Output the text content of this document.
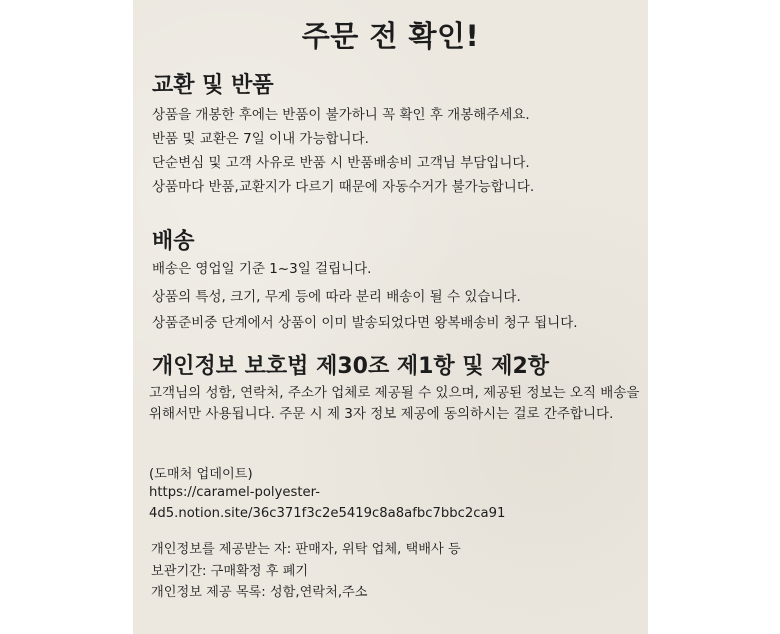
주문 전 확인!
교환 및 반품

상품을 개봉한 후에는 반품이 불가하니 꼭 확인 후 개봉해주세요.

반품 및 교환은 7일 이내 가능합니다.

단순변심 및 고객 사유로 반품 시 반품배송비 고객님 부담입니다.

상품마다 반품,교환지가 다르기 때문에 자동수거가 불가능합니다.

배송

배송은 영업일 기준 1~3일 걸립니다.

상품의 특성, 크기, 무게 등에 따라 분리 배송이 될 수 있습니다.

상품준비중 단계에서 상품이 이미 발송되었다면 왕복배송비 청구 됩니다.

개인정보 보호법 제30조 제1항 및 제2항

고객님의 성함, 연락처, 주소가 업체로 제공될 수 있으며, 제공된 정보는 오직 배송을 위해서만 사용됩니다. 주문 시 제 3자 정보 제공에 동의하시는 걸로 간주합니다.

(도매처 업데이트)

https://caramel-polyester-

4d5.notion.site/36c371f3c2e5419c8a8afbc7bbc2ca91

개인정보를 제공받는 자: 판매자, 위탁 업체, 택배사 등

보관기간: 구매확정 후 폐기

개인정보 제공 목록: 성함,연락처,주소
